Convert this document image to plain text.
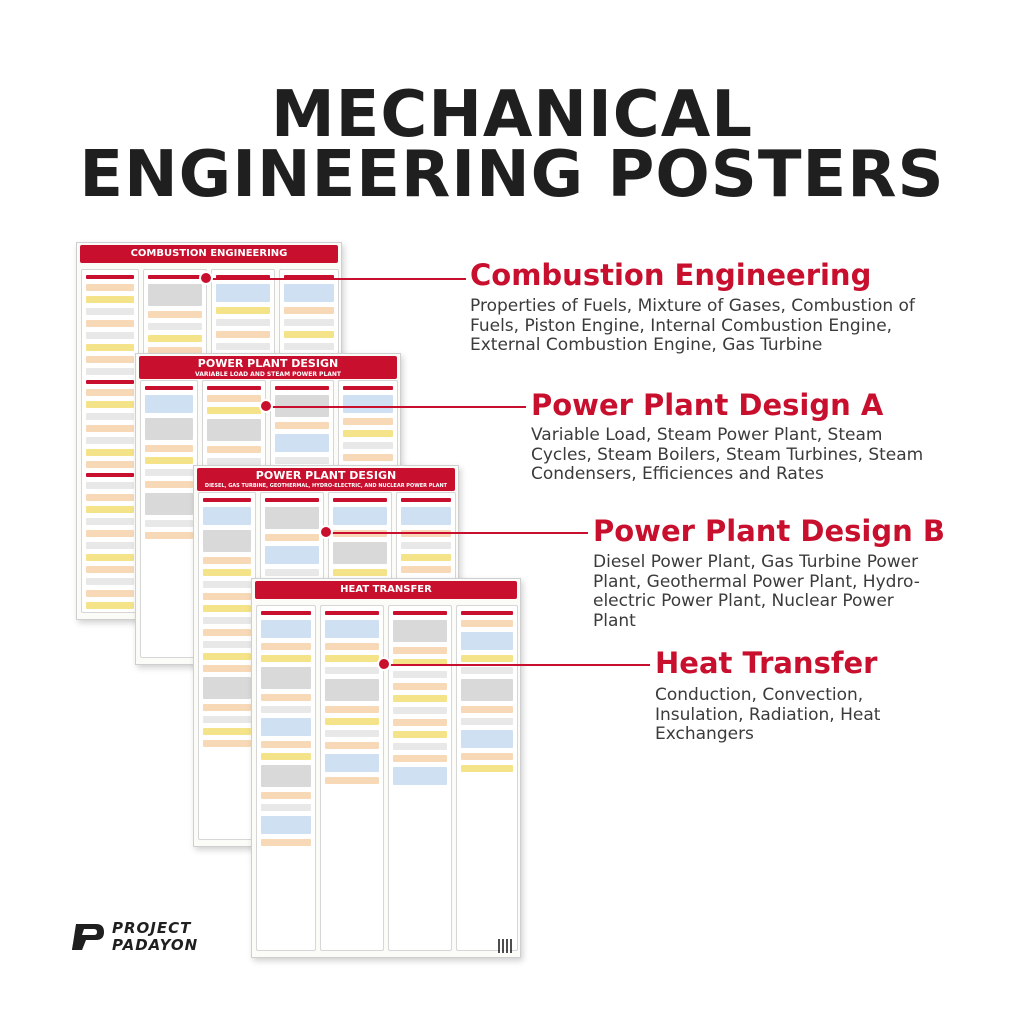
MECHANICAL
ENGINEERING POSTERS
COMBUSTION ENGINEERING
POWER PLANT DESIGN
VARIABLE LOAD AND STEAM POWER PLANT
POWER PLANT DESIGN
DIESEL, GAS TURBINE, GEOTHERMAL, HYDRO-ELECTRIC, AND NUCLEAR POWER PLANT
HEAT TRANSFER
Combustion Engineering
Properties of Fuels, Mixture of Gases, Combustion of
Fuels, Piston Engine, Internal Combustion Engine,
External Combustion Engine, Gas Turbine
Power Plant Design A
Variable Load, Steam Power Plant, Steam
Cycles, Steam Boilers, Steam Turbines, Steam
Condensers, Efficiences and Rates
Power Plant Design B
Diesel Power Plant, Gas Turbine Power
Plant, Geothermal Power Plant, Hydro-
electric Power Plant, Nuclear Power
Plant
Heat Transfer
Conduction, Convection,
Insulation, Radiation, Heat
Exchangers
PROJECT
PADAYON
